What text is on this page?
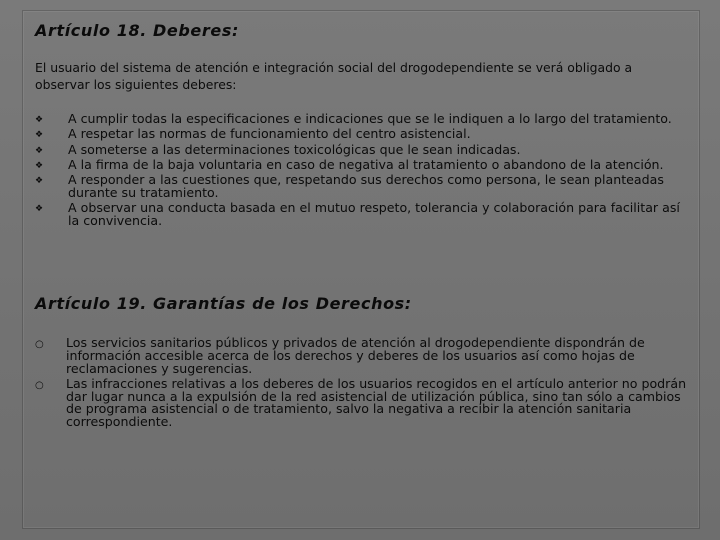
Artículo 18. Deberes:

El usuario del sistema de atención e integración social del drogodependiente se verá obligado a observar los siguientes deberes:

❖ A cumplir todas la especificaciones e indicaciones que se le indiquen a lo largo del tratamiento.
❖ A respetar las normas de funcionamiento del centro asistencial.
❖ A someterse a las determinaciones toxicológicas que le sean indicadas.
❖ A la firma de la baja voluntaria en caso de negativa al tratamiento o abandono de la atención.
❖ A responder a las cuestiones que, respetando sus derechos como persona, le sean planteadas durante su tratamiento.
❖ A observar una conducta basada en el mutuo respeto, tolerancia y colaboración para facilitar así la convivencia.
Artículo 19. Garantías de los Derechos:
○ Los servicios sanitarios públicos y privados de atención al drogodependiente dispondrán de información accesible acerca de los derechos y deberes de los usuarios así como hojas de reclamaciones y sugerencias.
○ Las infracciones relativas a los deberes de los usuarios recogidos en el artículo anterior no podrán dar lugar nunca a la expulsión de la red asistencial de utilización pública, sino tan sólo a cambios de programa asistencial o de tratamiento, salvo la negativa a recibir la atención sanitaria correspondiente.
